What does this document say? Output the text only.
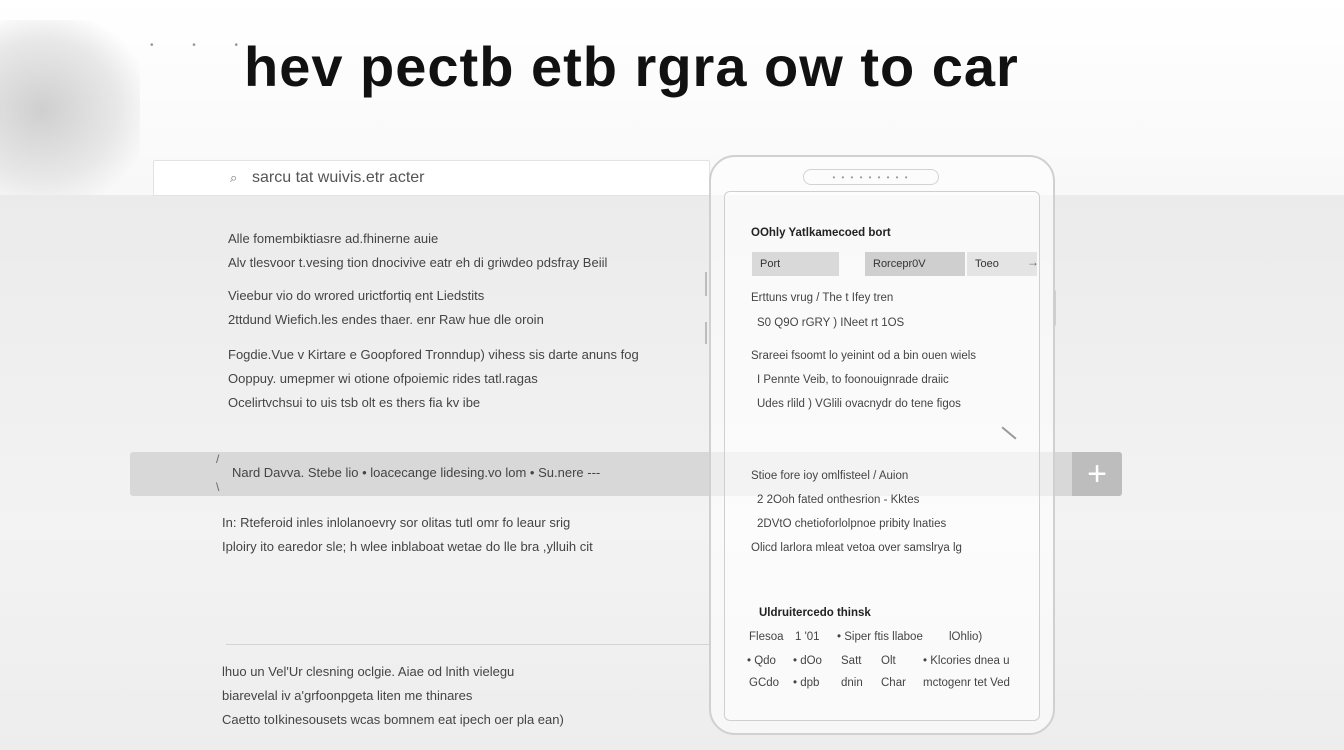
• • •
hev pectb etb rgra ow to car
⌕ sarcu tat wuivis.etr acter
Alle fomembiktiasre ad.fhinerne auie
Alv tlesvoor t.vesing tion dnocivive eatr eh di griwdeo pdsfray Beiil
Vieebur vio do wrored urictfortiq ent Liedstits
2ttdund Wiefich.les endes thaer. enr Raw hue dle oroin
Fogdie.Vue v Kirtare e Goopfored Tronndup) vihess sis darte anuns fog
Ooppuy. umepmer wi otione ofpoiemic rides tatl.ragas
Ocelirtvchsui to uis tsb olt es thers fia kv ibe
/
\
Nard Davva. Stebe lio • loacecange lidesing.vo lom • Su.nere ---	+
In: Rteferoid inles inlolanoevry sor olitas tutl omr fo leaur srig
Iploiry ito earedor sle; h wlee inblaboat wetae do lle bra ,ylluih cit
lhuo un Vel'Ur clesning oclgie. Aiae od lnith vielegu
biarevelal iv a'grfoonpgeta liten me thinares
Caetto toIkinesousets wcas bomnem eat ipech oer pla ean)
• • • • • • • • •
OOhly Yatlkamecoed bort
Port	Rorcepr0V	Toeo	→
Erttuns vrug / The t Ifey tren
S0 Q9O rGRY ) INeet rt 1OS
Srareei fsoomt lo yeinint od a bin ouen wiels
I Pennte Veib, to foonouignrade draiic
Udes rlild ) VGlili ovacnydr do tene figos
Stioe fore ioy omlfisteel / Auion
2 2Ooh fated onthesrion - Kktes
2DVtO chetioforlolpnoe pribity lnaties
Olicd larlora mleat vetoa over samslrya lg
Uldruitercedo thinsk
Flesoa 1 '01 • Siper ftis llaboe lOhlio)
• Qdo • dOo Satt Olt • Klcories dnea u
GCdo • dpb dnin Char mctogenr tet Ved
